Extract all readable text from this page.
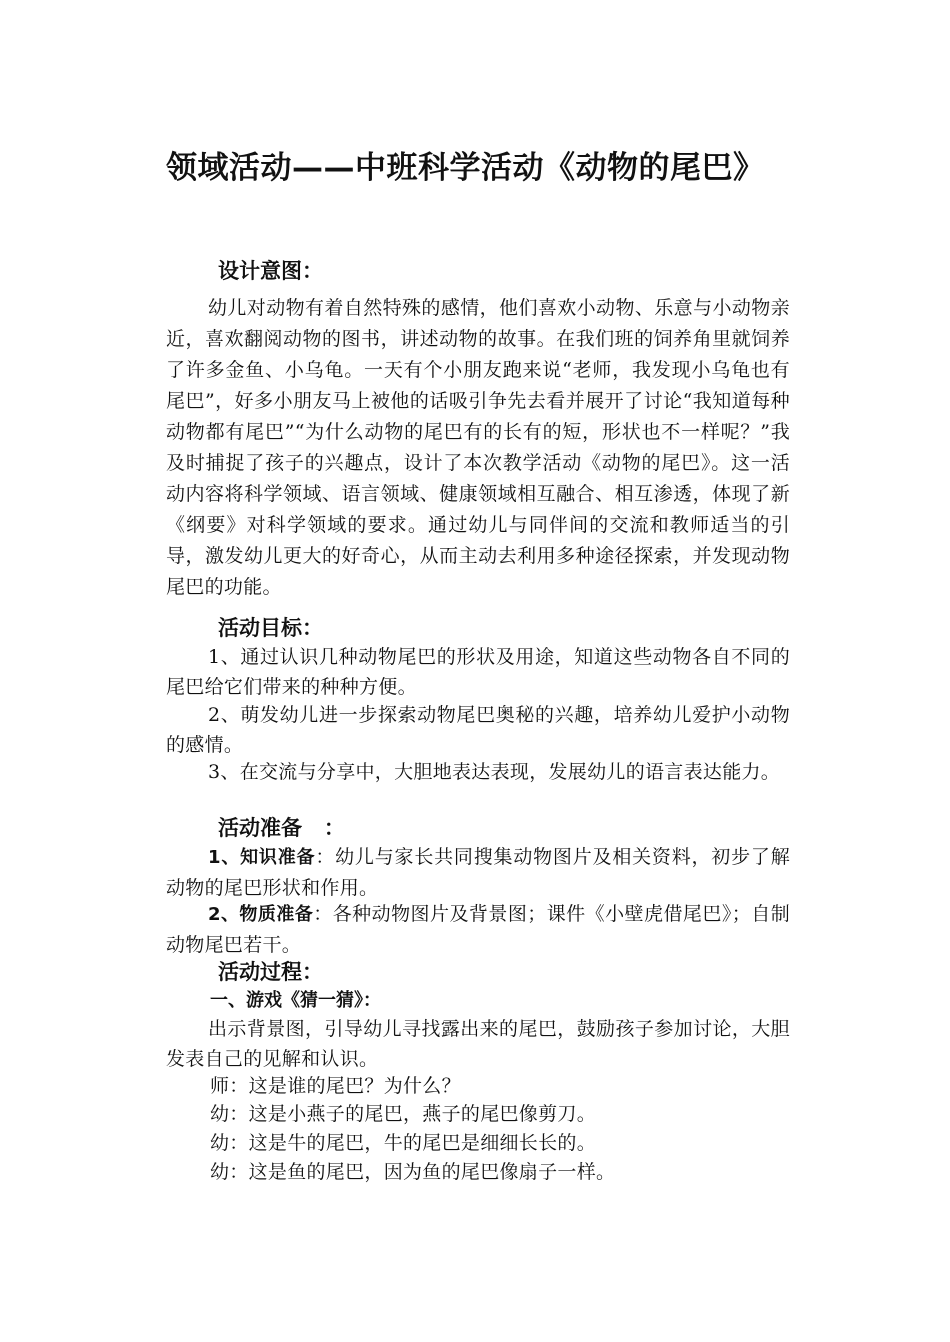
领域活动——中班科学活动《动物的尾巴》
设计意图：
幼儿对动物有着自然特殊的感情，他们喜欢小动物、乐意与小动物亲近，喜欢翻阅动物的图书，讲述动物的故事。在我们班的饲养角里就饲养了许多金鱼、小乌龟。一天有个小朋友跑来说“老师，我发现小乌龟也有尾巴”，好多小朋友马上被他的话吸引争先去看并展开了讨论“我知道每种动物都有尾巴”“为什么动物的尾巴有的长有的短，形状也不一样呢？”我及时捕捉了孩子的兴趣点，设计了本次教学活动《动物的尾巴》。这一活动内容将科学领域、语言领域、健康领域相互融合、相互渗透，体现了新《纲要》对科学领域的要求。通过幼儿与同伴间的交流和教师适当的引导，激发幼儿更大的好奇心，从而主动去利用多种途径探索，并发现动物尾巴的功能。
活动目标：
1、通过认识几种动物尾巴的形状及用途，知道这些动物各自不同的尾巴给它们带来的种种方便。
2、萌发幼儿进一步探索动物尾巴奥秘的兴趣，培养幼儿爱护小动物的感情。
3、在交流与分享中，大胆地表达表现，发展幼儿的语言表达能力。
活动准备   ：
1、知识准备：幼儿与家长共同搜集动物图片及相关资料，初步了解动物的尾巴形状和作用。
2、物质准备：各种动物图片及背景图；课件《小壁虎借尾巴》；自制动物尾巴若干。
活动过程：
一、游戏《猜一猜》：
出示背景图，引导幼儿寻找露出来的尾巴，鼓励孩子参加讨论，大胆发表自己的见解和认识。
师：这是谁的尾巴？为什么？
幼：这是小燕子的尾巴，燕子的尾巴像剪刀。
幼：这是牛的尾巴，牛的尾巴是细细长长的。
幼：这是鱼的尾巴，因为鱼的尾巴像扇子一样。
